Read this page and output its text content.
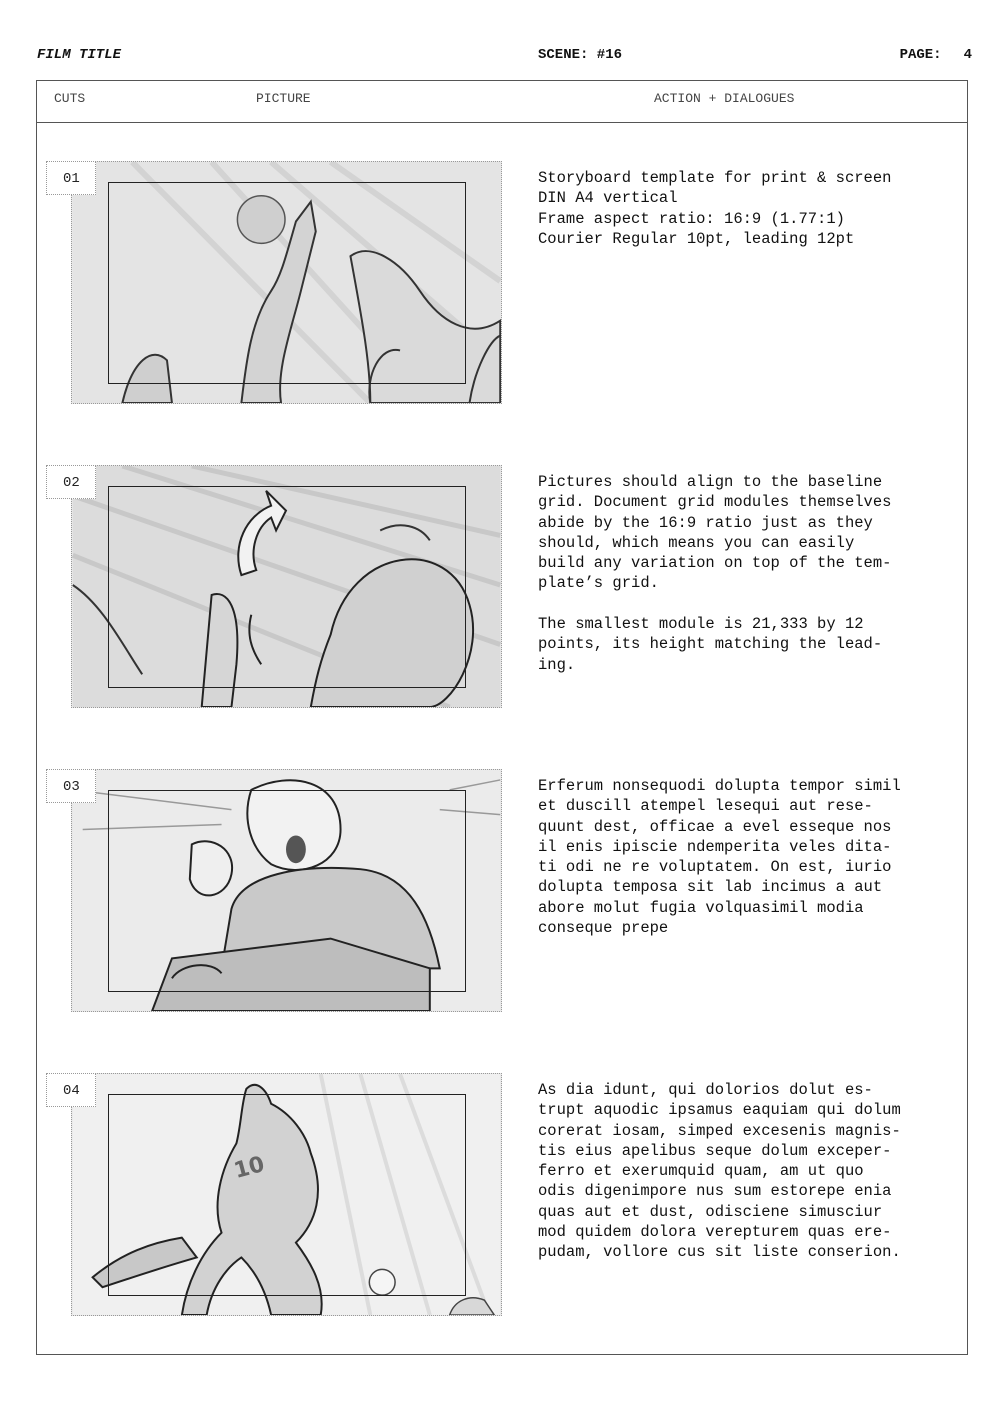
FILM TITLE	SCENE: #16	PAGE: 4
CUTS	PICTURE	ACTION + DIALOGUES
01	Storyboard template for print & screen
DIN A4 vertical
Frame aspect ratio: 16:9 (1.77:1)
Courier Regular 10pt, leading 12pt
02	Pictures should align to the baseline
grid. Document grid modules themselves
abide by the 16:9 ratio just as they
should, which means you can easily
build any variation on top of the tem-
plate’s grid.

The smallest module is 21,333 by 12
points, its height matching the lead-
ing.
03	Erferum nonsequodi dolupta tempor simil
et duscill atempel lesequi aut rese-
quunt dest, officae a evel esseque nos
il enis ipiscie ndemperita veles dita-
ti odi ne re voluptatem. On est, iurio
dolupta temposa sit lab incimus a aut
abore molut fugia volquasimil modia
conseque prepe
10
04	As dia idunt, qui dolorios dolut es-
trupt aquodic ipsamus eaquiam qui dolum
corerat iosam, simped excesenis magnis-
tis eius apelibus seque dolum exceper-
ferro et exerumquid quam, am ut quo
odis digenimpore nus sum estorepe enia
quas aut et dust, odisciene simusciur
mod quidem dolora verepturem quas ere-
pudam, vollore cus sit liste conserion.
